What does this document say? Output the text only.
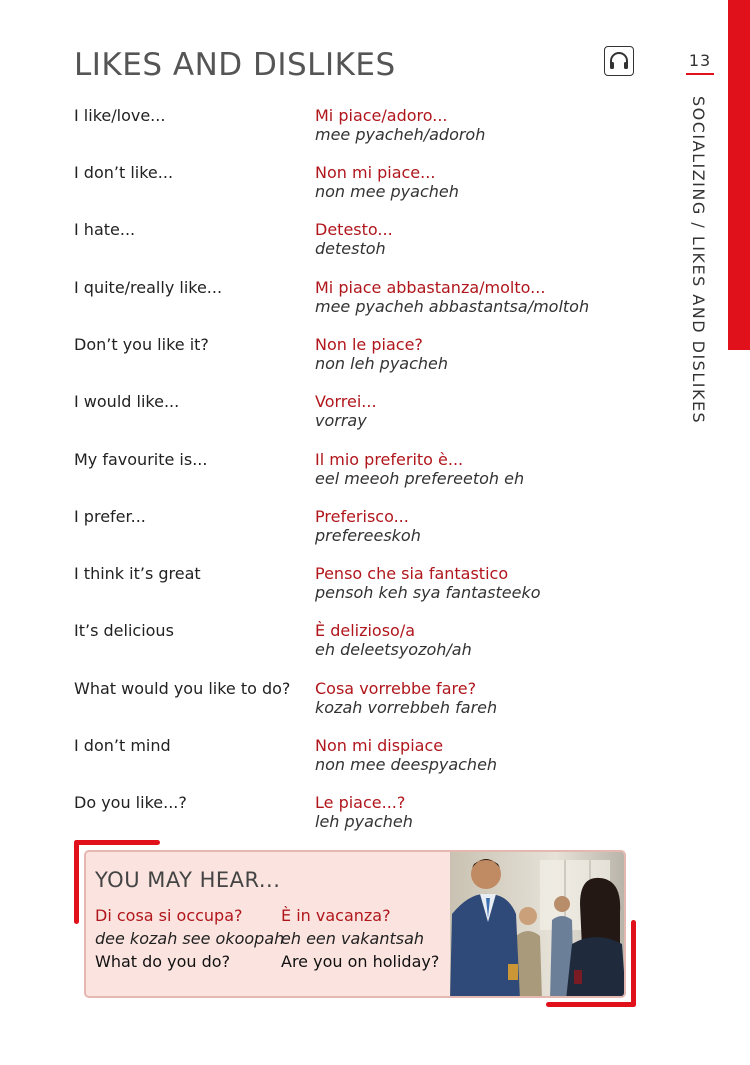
13
SOCIALIZING / LIKES AND DISLIKES
LIKES AND DISLIKES
I like/love...	Mi piace/adoro...
mee pyacheh/adoroh
I don’t like...	Non mi piace...
non mee pyacheh
I hate...	Detesto...
detestoh
I quite/really like...	Mi piace abbastanza/molto...
mee pyacheh abbastantsa/moltoh
Don’t you like it?	Non le piace?
non leh pyacheh
I would like...	Vorrei...
vorray
My favourite is...	Il mio preferito è...
eel meeoh prefereetoh eh
I prefer...	Preferisco...
preferеeskoh
I think it’s great	Penso che sia fantastico
pensoh keh sya fantasteeko
It’s delicious	È delizioso/a
eh deleetsyozoh/ah
What would you like to do? Cosa vorrebbe fare?
kozah vorrebbeh fareh
I don’t mind	Non mi dispiace
non mee deespyacheh
Do you like...?	Le piace...?
leh pyacheh
YOU MAY HEAR...
Di cosa si occupa?
dee kozah see okoopah
What do you do?
È in vacanza?
eh een vakantsah
Are you on holiday?
